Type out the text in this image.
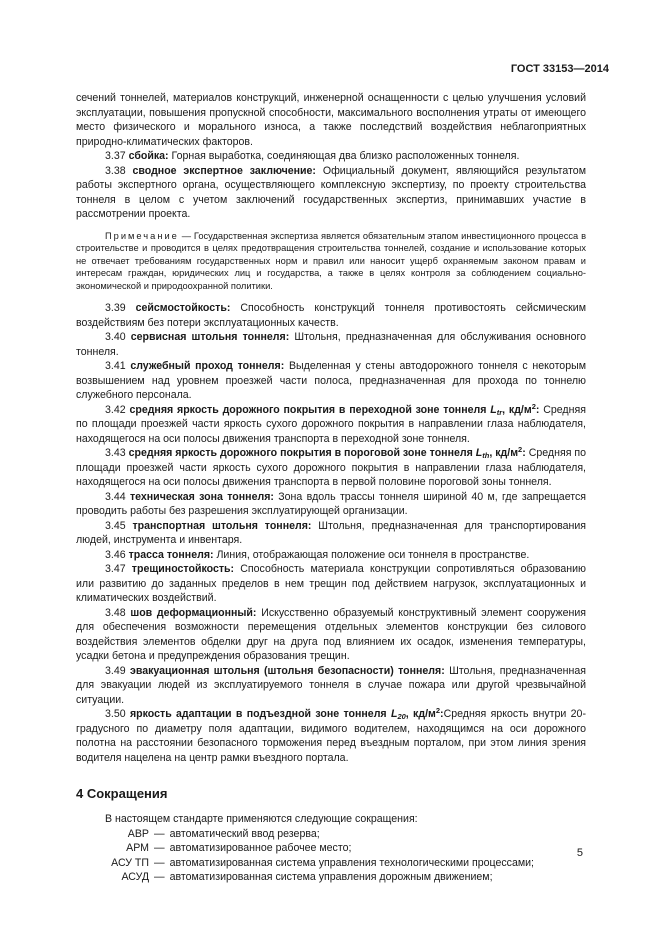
ГОСТ 33153—2014

сечений тоннелей, материалов конструкций, инженерной оснащенности с целью улучшения условий эксплуатации, повышения пропускной способности, максимального восполнения утраты от имеющего место физического и морального износа, а также последствий воздействия неблагоприятных природно-климатических факторов.

3.37 сбойка: Горная выработка, соединяющая два близко расположенных тоннеля.

3.38 сводное экспертное заключение: Официальный документ, являющийся результатом работы экспертного органа, осуществляющего комплексную экспертизу, по проекту строительства тоннеля в целом с учетом заключений государственных экспертиз, принимавших участие в рассмотрении проекта.

Примечание — Государственная экспертиза является обязательным этапом инвестиционного процесса в строительстве и проводится в целях предотвращения строительства тоннелей, создание и использование которых не отвечает требованиям государственных норм и правил или наносит ущерб охраняемым законом правам и интересам граждан, юридических лиц и государства, а также в целях контроля за соблюдением социально-экономической и природоохранной политики.

3.39 сейсмостойкость: Способность конструкций тоннеля противостоять сейсмическим воздействиям без потери эксплуатационных качеств.

3.40 сервисная штольня тоннеля: Штольня, предназначенная для обслуживания основного тоннеля.

3.41 служебный проход тоннеля: Выделенная у стены автодорожного тоннеля с некоторым возвышением над уровнем проезжей части полоса, предназначенная для прохода по тоннелю служебного персонала.

3.42 средняя яркость дорожного покрытия в переходной зоне тоннеля $L_{tr}$, $кд/м^2$: Средняя по площади проезжей части яркость сухого дорожного покрытия в направлении глаза наблюдателя, находящегося на оси полосы движения транспорта в переходной зоне тоннеля.

3.43 средняя яркость дорожного покрытия в пороговой зоне тоннеля $L_{th}$, $кд/м^2$: Средняя по площади проезжей части яркость сухого дорожного покрытия в направлении глаза наблюдателя, находящегося на оси полосы движения транспорта в первой половине пороговой зоны тоннеля.

3.44 техническая зона тоннеля: Зона вдоль трассы тоннеля шириной 40 м, где запрещается проводить работы без разрешения эксплуатирующей организации.

3.45 транспортная штольня тоннеля: Штольня, предназначенная для транспортирования людей, инструмента и инвентаря.

3.46 трасса тоннеля: Линия, отображающая положение оси тоннеля в пространстве.

3.47 трещиностойкость: Способность материала конструкции сопротивляться образованию или развитию до заданных пределов в нем трещин под действием нагрузок, эксплуатационных и климатических воздействий.

3.48 шов деформационный: Искусственно образуемый конструктивный элемент сооружения для обеспечения возможности перемещения отдельных элементов конструкции без силового воздействия элементов обделки друг на друга под влиянием их осадок, изменения температуры, усадки бетона и предупреждения образования трещин.

3.49 эвакуационная штольня (штольня безопасности) тоннеля: Штольня, предназначенная для эвакуации людей из эксплуатируемого тоннеля в случае пожара или другой чрезвычайной ситуации.

3.50 яркость адаптации в подъездной зоне тоннеля $L_{20}$, $кд/м^2:Средняя$ яркость внутри 20-градусного по диаметру поля адаптации, видимого водителем, находящимся на оси дорожного полотна на расстоянии безопасного торможения перед въездным порталом, при этом линия зрения водителя нацелена на центр рамки въездного портала.

4 Сокращения

В настоящем стандарте применяются следующие сокращения:

АВР — автоматический ввод резерва;
АРМ — автоматизированное рабочее место;
АСУ ТП — автоматизированная система управления технологическими процессами;
АСУД — автоматизированная система управления дорожным движением;
5
